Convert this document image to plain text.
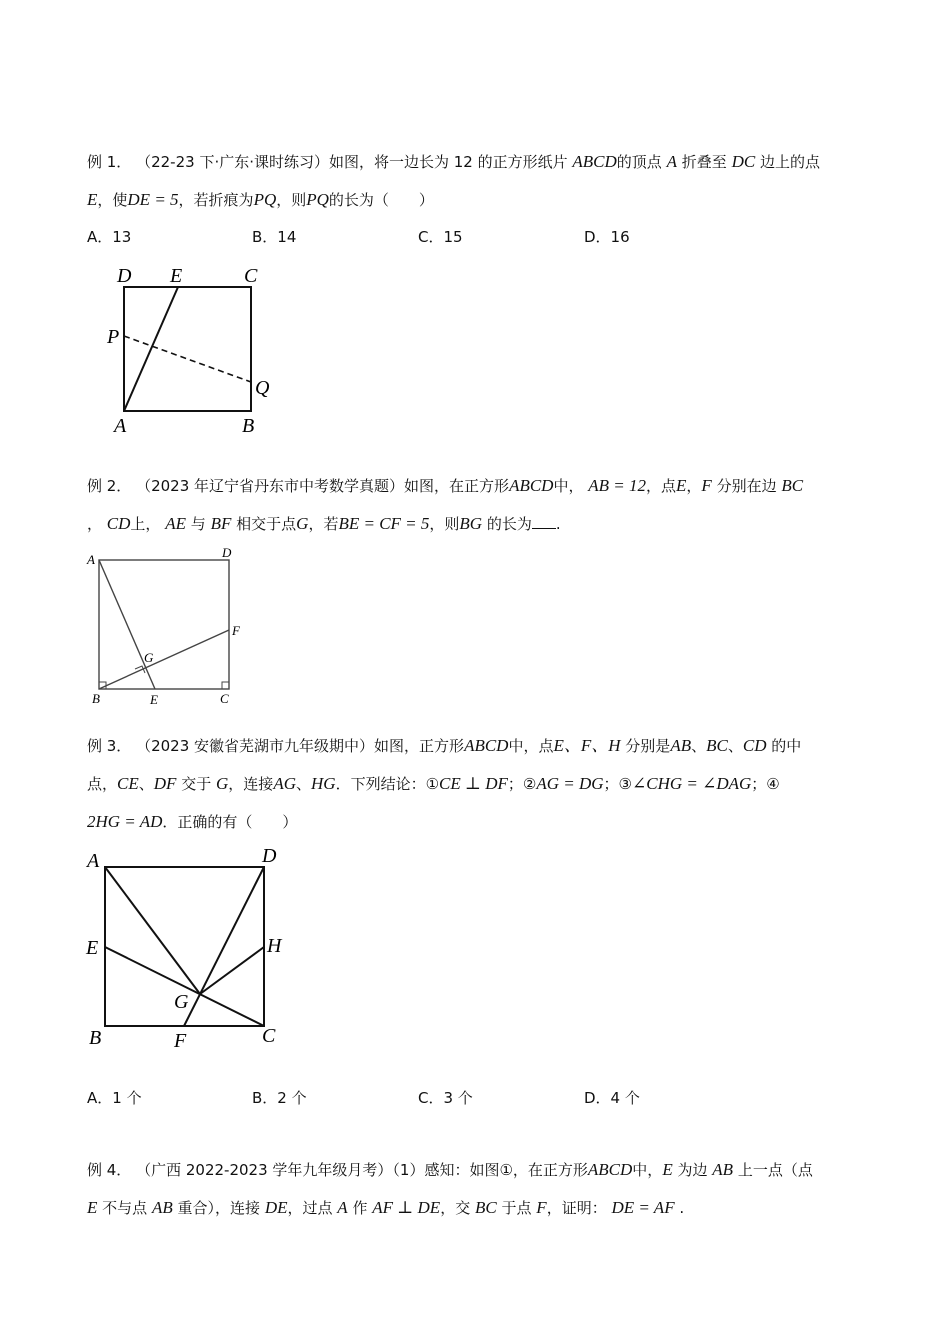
例 1． （22-23 下·广东·课时练习）如图，将一边长为 12 的正方形纸片 ABCD的顶点 A 折叠至 DC 边上的点
E，使DE = 5，若折痕为PQ，则PQ的长为（　　）
A．13	B．14	C．15	D．16
D E	C
P
Q
A	B
例 2． （2023 年辽宁省丹东市中考数学真题）如图，在正方形ABCD中， AB = 12，点E，F 分别在边 BC
， CD上， AE 与 BF 相交于点G，若BE = CF = 5，则BG 的长为 .
A	D
F
G
B	E	C
例 3． （2023 安徽省芜湖市九年级期中）如图，正方形ABCD中，点E、F、H 分别是AB、BC、CD 的中
点，CE、DF 交于 G，连接AG、HG．下列结论：①CE ⊥ DF；②AG = DG；③∠CHG = ∠DAG；④
2HG = AD．正确的有（　　）
A	D
E	H
G
B	F	C
A．1 个	B．2 个	C．3 个	D．4 个
例 4． （广西 2022-2023 学年九年级月考）（1）感知：如图①，在正方形ABCD中，E 为边 AB 上一点（点
E 不与点 AB 重合），连接 DE，过点 A 作 AF ⊥ DE，交 BC 于点 F，证明： DE = AF .
